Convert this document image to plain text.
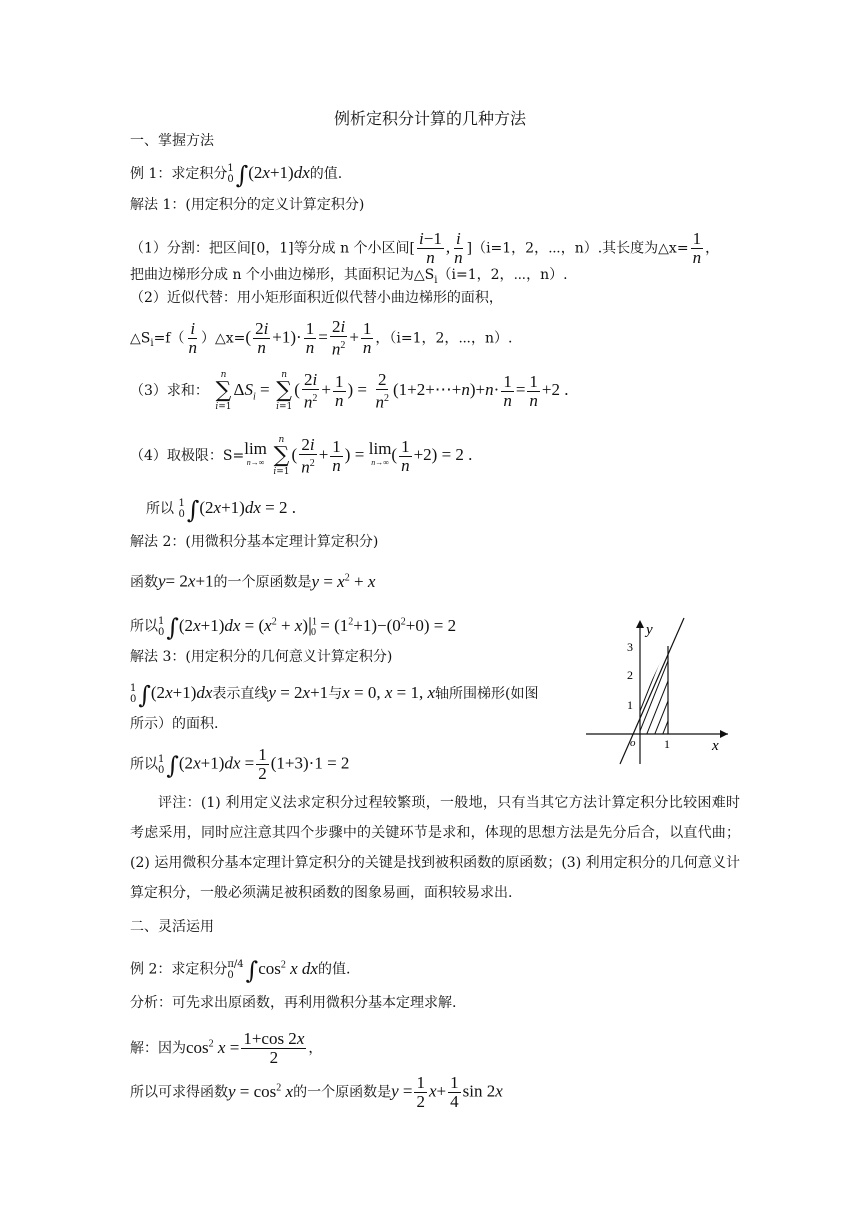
例析定积分计算的几种方法
一、掌握方法
例 1：求定积分 1
0 ∫(2x+1)dx的值.
解法 1：(用定积分的定义计算定积分)
（1）分割：把区间[0，1]等分成 n 个小区间[ $\frac{i-1}{n}$ , $\frac{i}{n} ](i=1$，2，⋯，n）.其长度为△x= $\frac{1}{n}$ ，
把曲边梯形分成 n 个小曲边梯形，其面积记为$\triangle S_i(i=1$，2，⋯，n）.
（2）近似代替：用小矩形面积近似代替小曲边梯形的面积，
$\triangle S_i=f( \frac{i}{n}$ ）△x=( $\frac{2i}{n} +1)\cdot \frac{1}{n} = \frac{2i}{n^2} + \frac{1}{n}$ ，（i=1，2，⋯，n）.
（3）求和：
n
∑
i=1
$\Delta S_i$ =
n
∑
i=1
( $\frac{2i}{n^2} + \frac{1}{n}$ ) = $\frac{2}{n^2}$ (1+2+⋯+n)+n· $\frac{1}{n} = \frac{1}{n} +2$ .
（4）取极限：S= lim
n→∞

n
∑
i=1
( $\frac{2i}{n^2} + \frac{1}{n}$ ) = lim
n→∞ ( $\frac{1}{n} +2) = 2$ .
所以 1
0 ∫(2x+1)dx = 2 .
解法 2：(用微积分基本定理计算定积分)
函数y= 2x+1的一个原函数是$y = x^2 + x$
所以 1
0 $\int(2x+1)dx = (x^2 + x)|^1_0 = (1^2+1)-(0^2+0) = 2$
解法 3：(用定积分的几何意义计算定积分)
1
0 ∫(2x+1)dx表示直线y = 2x+1与x = 0, x = 1, x轴所围梯形(如图
所示）的面积.
所以 1
0 $\int(2x+1)dx = \frac{1}{2} (1+3)\cdot 1 = 2$
评注：(1) 利用定义法求定积分过程较繁琐，一般地，只有当其它方法计算定积分比较困难时考虑采用，同时应注意其四个步骤中的关键环节是求和，体现的思想方法是先分后合，以直代曲；(2) 运用微积分基本定理计算定积分的关键是找到被积函数的原函数；(3) 利用定积分的几何意义计算定积分，一般必须满足被积函数的图象易画，面积较易求出.
二、灵活运用
例 2：求定积分 π/4
0 $\int\cos^2$ x dx的值.
分析：可先求出原函数，再利用微积分基本定理求解.
解：因为$\cos^2 x = \frac{1+\cos 2x}{2}$ ，
所以可求得函数$y = \cos^2 x$的一个原函数是$y = \frac{1}{2} x+ \frac{1}{4}$ sin 2x
y
x
o
1
2
3
1
